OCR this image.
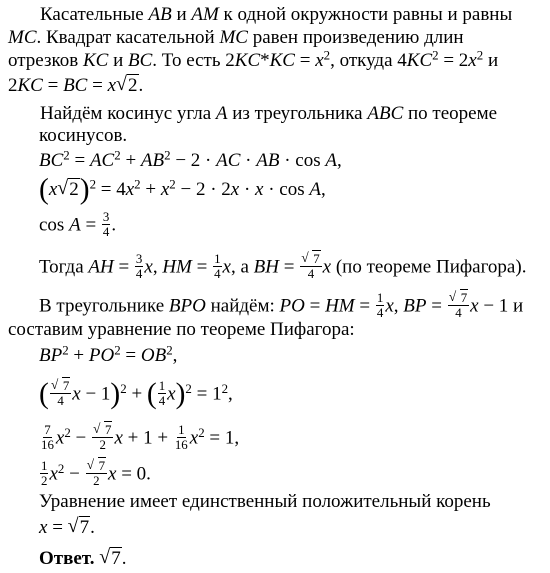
Касательные AB и AM к одной окружности равны и равны
MC. Квадрат касательной MC равен произведению длин
отрезков KC и BC. То есть $2KC*KC = x^2$, откуда $4KC^2 = 2x^2$ и
2KC = BC = x √ 2.
Найдём косинус угла A из треугольника ABC по теореме
косинусов.
$BC^2 = AC^2 + AB^2 - 2$ · AC · AB · cos A,
(x √ $2)^2 = 4x^2 + x^2 - 2 \cdot 2x \cdot x \cdot \cos A$,
$\cos A = \frac{3}{4}$ .
Тогда AH = $\frac{3}{4} x$, HM = $\frac{1}{4} x$, а BH = √ $\frac{7}{4}$ x (по теореме Пифагора).
В треугольнике BPO найдём: PO = HM = $\frac{1}{4} x$, BP = √ $\frac{7}{4}$ x − 1 и
составим уравнение по теореме Пифагора:
$BP^2 + PO^2 = OB^2$,
( √ $\frac{7}{4}$ x − 1)$^2$ + ( $\frac{1}{4} x)^2 = 1^2$,
$\frac{7}{16} x^2$ − √ $\frac{7}{2}$ $x + 1 + \frac{1}{16} x^2 = 1$,
$\frac{1}{2} x^2$ − √ $\frac{7}{2}$ x = 0.
Уравнение имеет единственный положительный корень
x = √ 7.
Ответ. √ 7.
